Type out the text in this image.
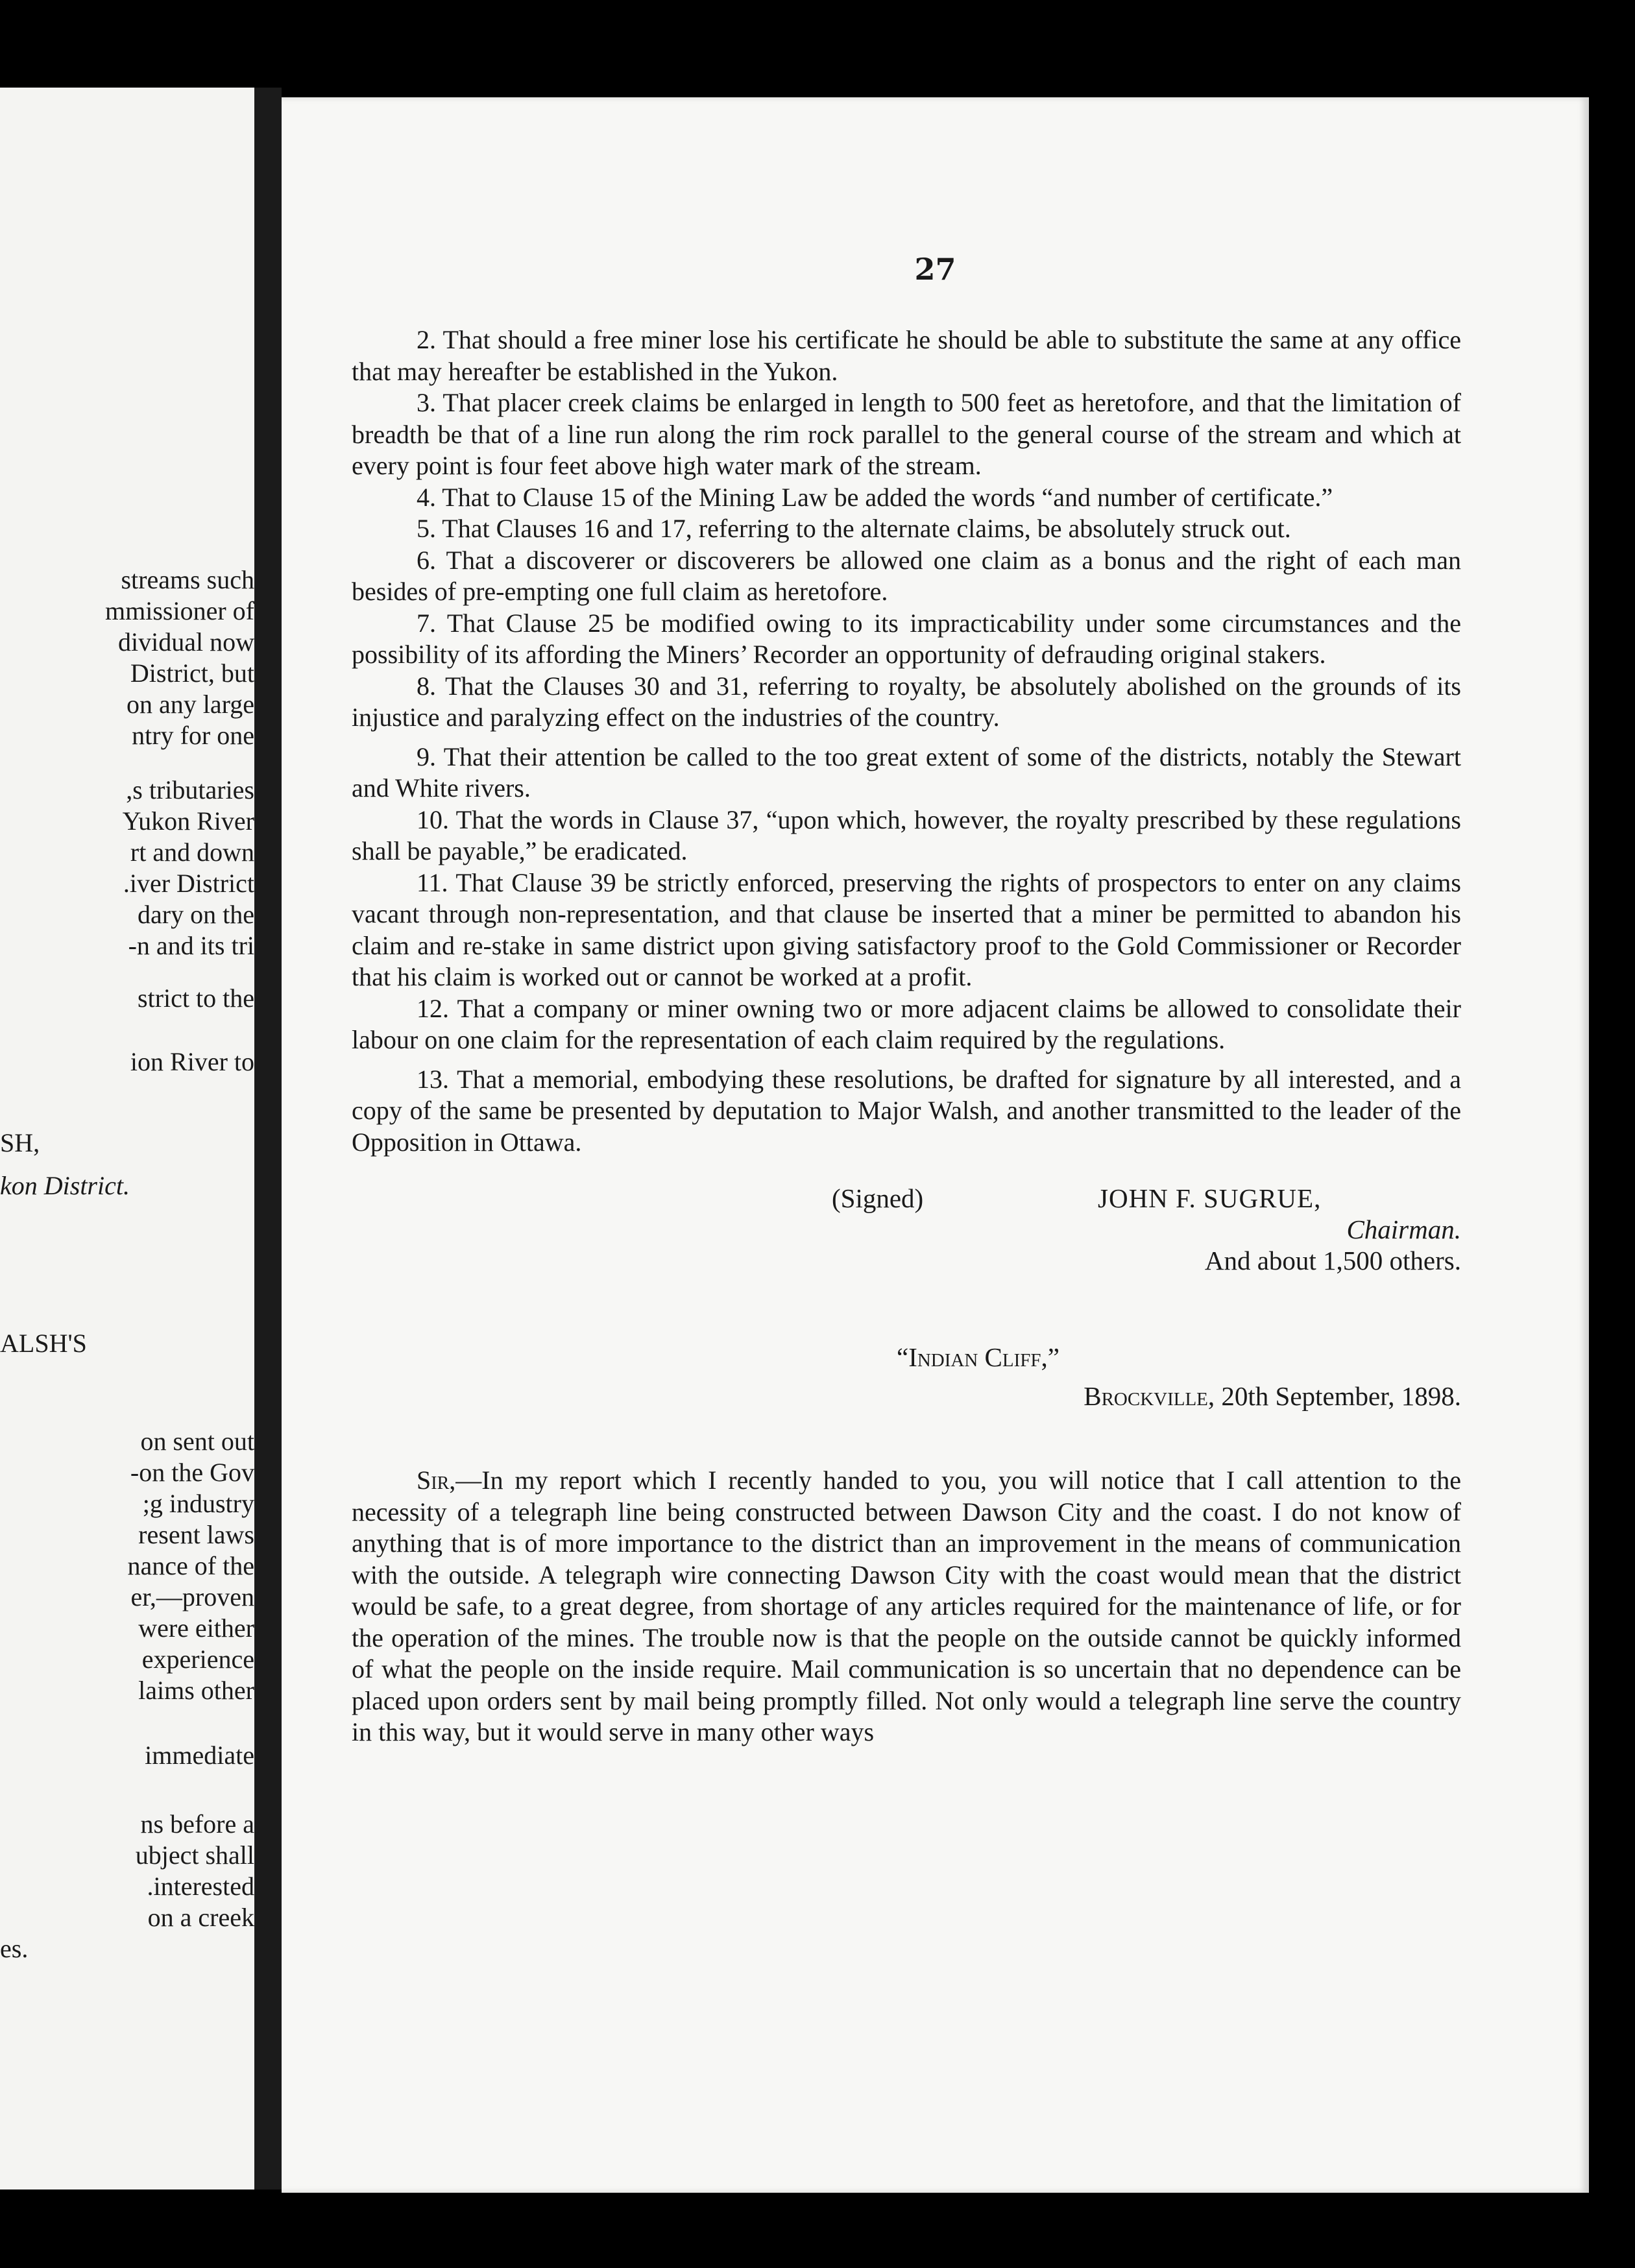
streams such
mmissioner of
dividual now
District, but
on any large
ntry for one
s tributaries,
Yukon River
rt and down
iver District.
dary on the
n and its tri-
strict to the
ion River to
SH,
kon District.
ALSH'S
on sent out
on the Gov-
g industry;
resent laws
nance of the
er,—proven
were either
experience
laims other
immediate
ns before a
ubject shall
interested.
on a creek
es.
27

2. That should a free miner lose his certificate he should be able to substitute the same at any office that may hereafter be established in the Yukon.

3. That placer creek claims be enlarged in length to 500 feet as heretofore, and that the limitation of breadth be that of a line run along the rim rock parallel to the general course of the stream and which at every point is four feet above high water mark of the stream.

4. That to Clause 15 of the Mining Law be added the words “and number of certificate.”

5. That Clauses 16 and 17, referring to the alternate claims, be absolutely struck out.

6. That a discoverer or discoverers be allowed one claim as a bonus and the right of each man besides of pre-empting one full claim as heretofore.

7. That Clause 25 be modified owing to its impracticability under some circumstances and the possibility of its affording the Miners’ Recorder an opportunity of defrauding original stakers.

8. That the Clauses 30 and 31, referring to royalty, be absolutely abolished on the grounds of its injustice and paralyzing effect on the industries of the country.

9. That their attention be called to the too great extent of some of the districts, notably the Stewart and White rivers.

10. That the words in Clause 37, “upon which, however, the royalty prescribed by these regulations shall be payable,” be eradicated.

11. That Clause 39 be strictly enforced, preserving the rights of prospectors to enter on any claims vacant through non-representation, and that clause be inserted that a miner be permitted to abandon his claim and re-stake in same district upon giving satisfactory proof to the Gold Commissioner or Recorder that his claim is worked out or cannot be worked at a profit.

12. That a company or miner owning two or more adjacent claims be allowed to consolidate their labour on one claim for the representation of each claim required by the regulations.

13. That a memorial, embodying these resolutions, be drafted for signature by all interested, and a copy of the same be presented by deputation to Major Walsh, and another transmitted to the leader of the Opposition in Ottawa.

(Signed)	JOHN F. SUGRUE,
Chairman.
And about 1,500 others.
“Indian Cliff,”
Brockville, 20th September, 1898.

Sir,—In my report which I recently handed to you, you will notice that I call attention to the necessity of a telegraph line being constructed between Dawson City and the coast. I do not know of anything that is of more importance to the district than an improvement in the means of communication with the outside. A telegraph wire connecting Dawson City with the coast would mean that the district would be safe, to a great degree, from shortage of any articles required for the maintenance of life, or for the operation of the mines. The trouble now is that the people on the outside cannot be quickly informed of what the people on the inside require. Mail communication is so uncertain that no dependence can be placed upon orders sent by mail being promptly filled. Not only would a telegraph line serve the country in this way, but it would serve in many other ways
